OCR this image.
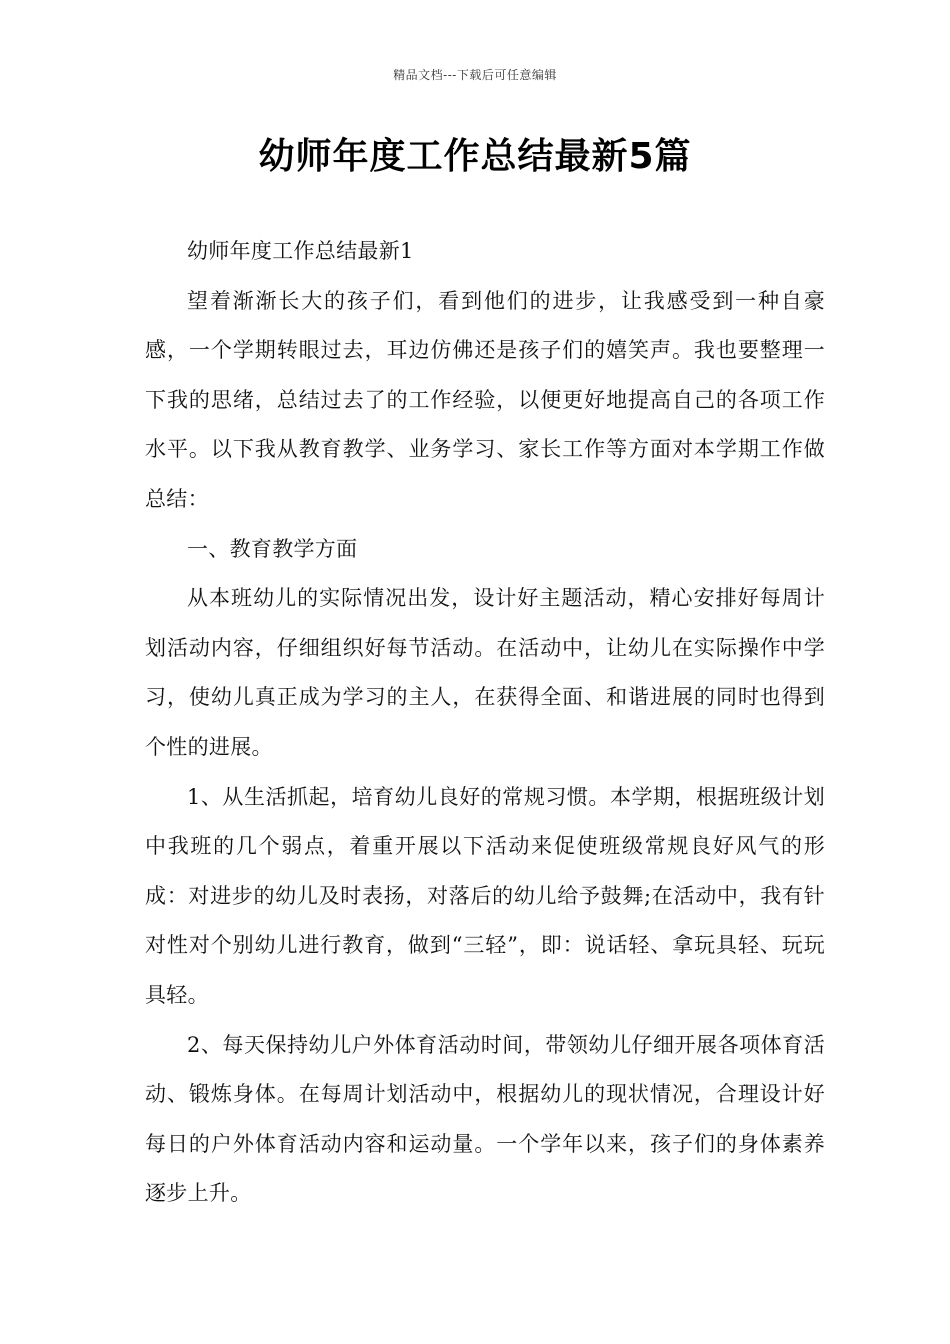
精品文档---下载后可任意编辑
幼师年度工作总结最新5篇

幼师年度工作总结最新1

望着渐渐长大的孩子们，看到他们的进步，让我感受到一种自豪感，一个学期转眼过去，耳边仿佛还是孩子们的嬉笑声。我也要整理一下我的思绪，总结过去了的工作经验，以便更好地提高自己的各项工作水平。以下我从教育教学、业务学习、家长工作等方面对本学期工作做总结：

一、教育教学方面

从本班幼儿的实际情况出发，设计好主题活动，精心安排好每周计划活动内容，仔细组织好每节活动。在活动中，让幼儿在实际操作中学习，使幼儿真正成为学习的主人，在获得全面、和谐进展的同时也得到个性的进展。

1、从生活抓起，培育幼儿良好的常规习惯。本学期，根据班级计划中我班的几个弱点，着重开展以下活动来促使班级常规良好风气的形成：对进步的幼儿及时表扬，对落后的幼儿给予鼓舞;在活动中，我有针对性对个别幼儿进行教育，做到“三轻”，即：说话轻、拿玩具轻、玩玩具轻。

2、每天保持幼儿户外体育活动时间，带领幼儿仔细开展各项体育活动、锻炼身体。在每周计划活动中，根据幼儿的现状情况，合理设计好每日的户外体育活动内容和运动量。一个学年以来，孩子们的身体素养逐步上升。
